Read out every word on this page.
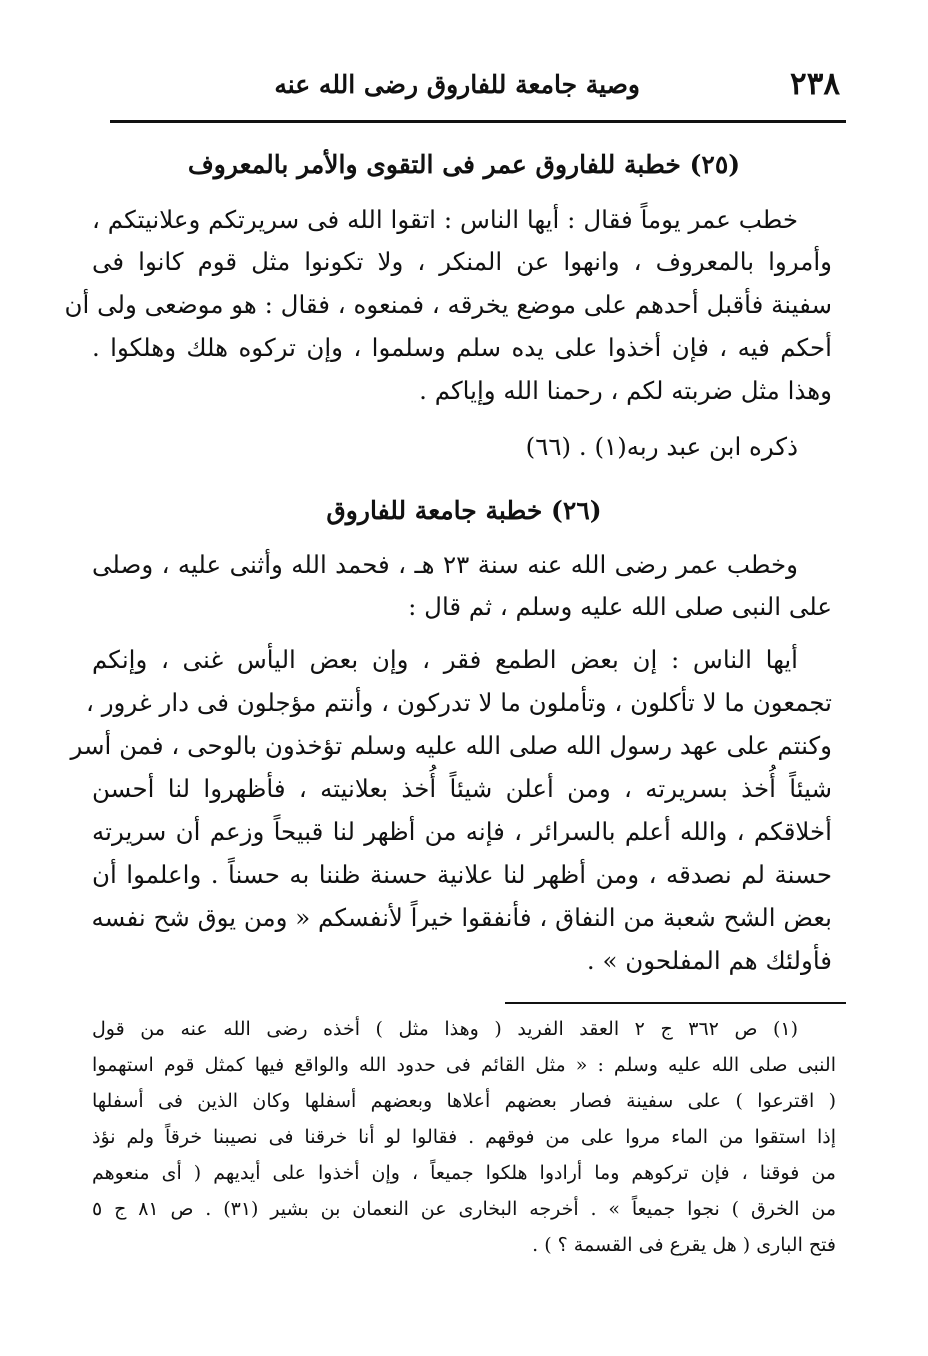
٢٣٨
وصية جامعة للفاروق رضى الله عنه
(٢٥) خطبة للفاروق عمر فى التقوى والأمر بالمعروف
خطب عمر يوماً فقال : أيها الناس : اتقوا الله فى سريرتكم وعلانيتكم ،
وأمروا بالمعروف ، وانهوا عن المنكر ، ولا تكونوا مثل قوم كانوا فى
سفينة فأقبل أحدهم على موضع يخرقه ، فمنعوه ، فقال : هو موضعى ولى أن
أحكم فيه ، فإن أخذوا على يده سلم وسلموا ، وإن تركوه هلك وهلكوا .
وهذا مثل ضربته لكم ، رحمنا الله وإياكم .
ذكره ابن عبد ربه(١) . (٦٦)
(٢٦) خطبة جامعة للفاروق
وخطب عمر رضى الله عنه سنة ٢٣ هـ ، فحمد الله وأثنى عليه ، وصلى
على النبى صلى الله عليه وسلم ، ثم قال :
أيها الناس : إن بعض الطمع فقر ، وإن بعض اليأس غنى ، وإنكم
تجمعون ما لا تأكلون ، وتأملون ما لا تدركون ، وأنتم مؤجلون فى دار غرور ،
وكنتم على عهد رسول الله صلى الله عليه وسلم تؤخذون بالوحى ، فمن أسر
شيئاً أُخذ بسريرته ، ومن أعلن شيئاً أُخذ بعلانيته ، فأظهروا لنا أحسن
أخلاقكم ، والله أعلم بالسرائر ، فإنه من أظهر لنا قبيحاً وزعم أن سريرته
حسنة لم نصدقه ، ومن أظهر لنا علانية حسنة ظننا به حسناً . واعلموا أن
بعض الشح شعبة من النفاق ، فأنفقوا خيراً لأنفسكم « ومن يوق شح نفسه
فأولئك هم المفلحون » .
(١) ص ٣٦٢ ج ٢ العقد الفريد ( وهذا مثل ) أخذه رضى الله عنه من قول
النبى صلى الله عليه وسلم : « مثل القائم فى حدود الله والواقع فيها كمثل قوم استهموا
( اقترعوا ) على سفينة فصار بعضهم أعلاها وبعضهم أسفلها وكان الذين فى أسفلها
إذا استقوا من الماء مروا على من فوقهم . فقالوا لو أنا خرقنا فى نصيبنا خرقاً ولم نؤذ
من فوقنا ، فإن تركوهم وما أرادوا هلكوا جميعاً ، وإن أخذوا على أيديهم ( أى منعوهم
من الخرق ) نجوا جميعاً » . أخرجه البخارى عن النعمان بن بشير (٣١) . ص ٨١ ج ٥
فتح البارى ( هل يقرع فى القسمة ؟ ) .
